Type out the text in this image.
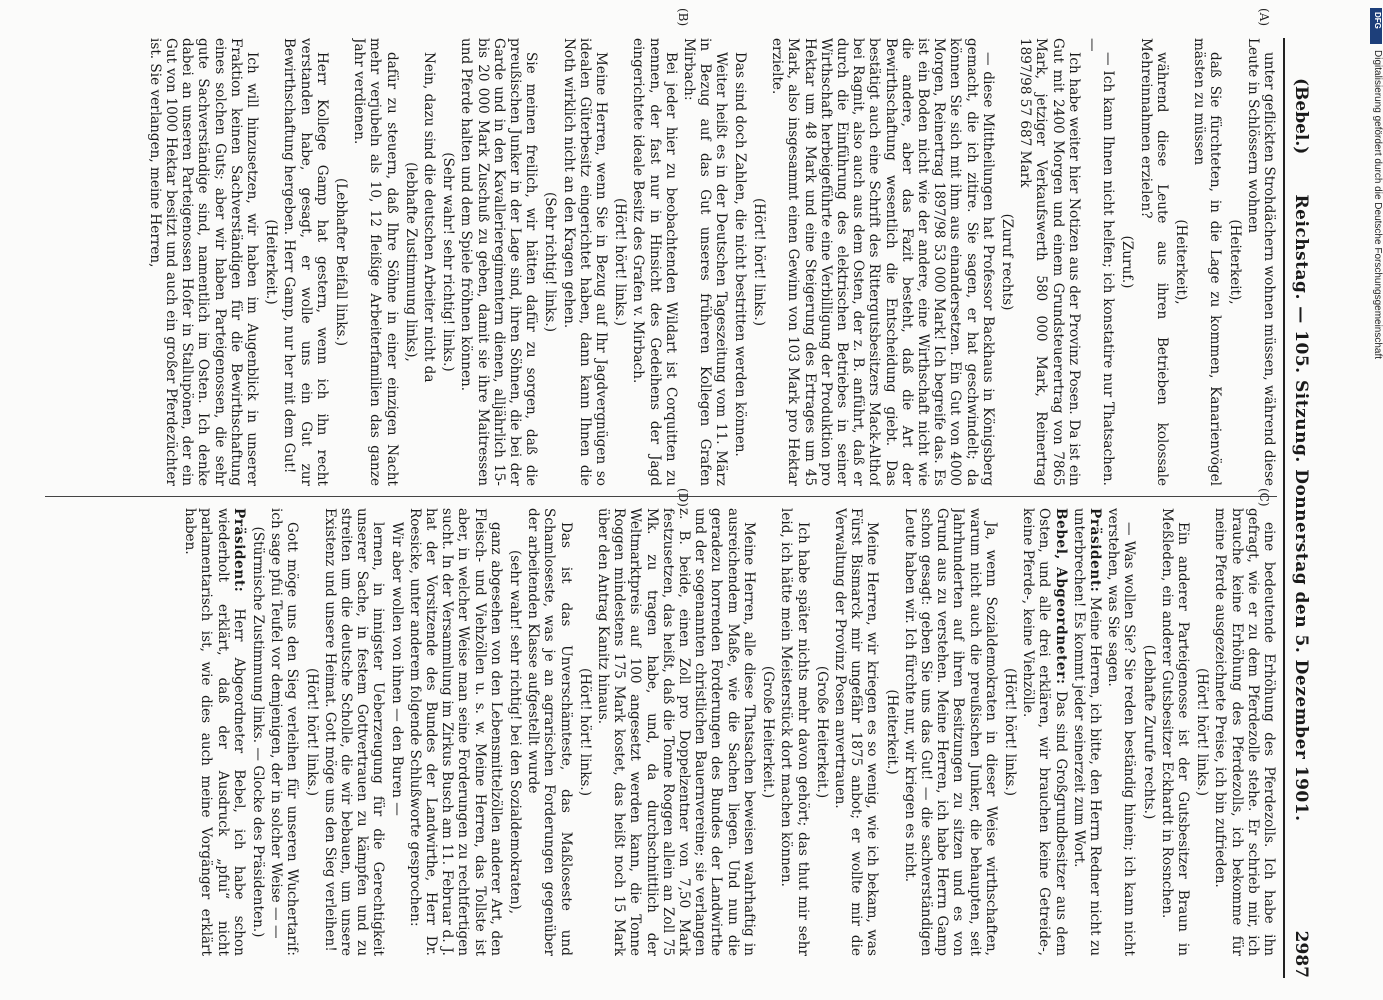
(Bebel.)
Reichstag. — 105. Sitzung. Donnerstag den 5. Dezember 1901.
2987

unter geflickten Strohdächern wohnen müssen, während diese Leute in Schlössern wohnen

(Heiterkeit),

daß Sie fürchteten, in die Lage zu kommen, Kanarienvögel mästen zu müssen

(Heiterkeit),

während diese Leute aus ihren Betrieben kolossale Mehreinnahmen erzielen?

(Zuruf.)

— Ich kann Ihnen nicht helfen; ich konstatire nur Thatsachen. —

Ich habe weiter hier Notizen aus der Provinz Posen. Da ist ein Gut mit 2400 Morgen und einem Grundsteuerertrag von 7865 Mark, jetziger Verkaufswerth 580 000 Mark, Reinertrag 1897/98 57 687 Mark

(Zuruf rechts)

— diese Mittheilungen hat Professor Backhaus in Königsberg gemacht, die ich zitire. Sie sagen, er hat geschwindelt; da können Sie sich mit ihm aus einandersetzen. Ein Gut von 4000 Morgen, Reinertrag 1897/98 53 000 Mark! Ich begreife das. Es ist ein Boden nicht wie der andere, eine Wirthschaft nicht wie die andere, aber das Fazit besteht, daß die Art der Bewirthschaftung wesentlich die Entscheidung giebt. Das bestätigt auch eine Schrift des Rittergutsbesitzers Mack-Althof bei Ragnit, also auch aus dem Osten, der z. B. anführt, daß er durch die Einführung des elektrischen Betriebes in seiner Wirthschaft herbeigeführte eine Verbilligung der Produktion pro Hektar um 48 Mark und eine Steigerung des Ertrages um 45 Mark, also insgesammt einen Gewinn von 103 Mark pro Hektar erzielte.

(Hört! hört! links.)

Das sind doch Zahlen, die nicht bestritten werden können.

Weiter heißt es in der Deutschen Tageszeitung vom 11. März in Bezug auf das Gut unseres früheren Kollegen Grafen Mirbach:

Bei jeder hier zu beobachtenden Wildart ist Corquitten zu nennen, der fast nur in Hinsicht des Gedeihens der Jagd eingerichtete ideale Besitz des Grafen v. Mirbach.

(Hört! hört! links.)

Meine Herren, wenn Sie in Bezug auf Ihr Jagdvergnügen so idealen Güterbesitz eingerichtet haben, dann kann Ihnen die Noth wirklich nicht an den Kragen gehen.

(Sehr richtig! links.)

Sie meinen freilich, wir hätten dafür zu sorgen, daß die preußischen Junker in der Lage sind, ihren Söhnen, die bei der Garde und in den Kavallerieregimentern dienen, alljährlich 15- bis 20 000 Mark Zuschuß zu geben, damit sie ihre Maitressen und Pferde halten und dem Spiele fröhnen können.

(Sehr wahr! sehr richtig! links.)

Nein, dazu sind die deutschen Arbeiter nicht da

(lebhafte Zustimmung links),

dafür zu steuern, daß Ihre Söhne in einer einzigen Nacht mehr verjubeln als 10, 12 fleißige Arbeiterfamilien das ganze Jahr verdienen.

(Lebhafter Beifall links.)

Herr Kollege Gamp hat gestern, wenn ich ihn recht verstanden habe, gesagt, er wolle uns ein Gut zur Bewirthschaftung hergeben. Herr Gamp, nur her mit dem Gut!

(Heiterkeit.)

Ich will hinzusetzen, wir haben im Augenblick in unserer Fraktion keinen Sachverständigen für die Bewirthschaftung eines solchen Guts; aber wir haben Parteigenossen, die sehr gute Sachverständige sind, namentlich im Osten. Ich denke dabei an unseren Parteigenossen Hofer in Stallupönen, der ein Gut von 1000 Hektar besitzt und auch ein großer Pferdezüchter ist. Sie verlangen, meine Herren,

eine bedeutende Erhöhung des Pferdezolls. Ich habe ihn gefragt, wie er zu dem Pferdezolle stehe. Er schrieb mir, ich brauche keine Erhöhung des Pferdezolls, ich bekomme für meine Pferde ausgezeichnete Preise, ich bin zufrieden.

(Hört! hört! links.)

Ein anderer Parteigenosse ist der Gutsbesitzer Braun in Meßleden, ein anderer Gutsbesitzer Eckhardt in Rosnchen.

(Lebhafte Zurufe rechts.)

— Was wollen Sie? Sie reden beständig hinein; ich kann nicht verstehen, was Sie sagen.

Präsident: Meine Herren, ich bitte, den Herrn Redner nicht zu unterbrechen! Es kommt jeder seinerzeit zum Wort.

Bebel, Abgeordneter: Das sind Großgrundbesitzer aus dem Osten, und alle drei erklären, wir brauchen keine Getreide-, keine Pferde-, keine Viehzölle.

(Hört! hört! links.)

Ja, wenn Sozialdemokraten in dieser Weise wirthschaften, warum nicht auch die preußischen Junker, die behaupten, seit Jahrhunderten auf ihren Besitzungen zu sitzen und es von Grund aus zu verstehen. Meine Herren, ich habe Herrn Gamp schon gesagt: geben Sie uns das Gut! — die sachverständigen Leute haben wir. Ich fürchte nur, wir kriegen es nicht.

(Heiterkeit.)

Meine Herren, wir kriegen es so wenig, wie ich bekam, was Fürst Bismarck mir ungefähr 1875 anbot; er wollte mir die Verwaltung der Provinz Posen anvertrauen.

(Große Heiterkeit.)

Ich habe später nichts mehr davon gehört; das thut mir sehr leid, ich hätte mein Meisterstück dort machen können.

(Große Heiterkeit.)

Meine Herren, alle diese Thatsachen beweisen wahrhaftig in ausreichendem Maße, wie die Sachen liegen. Und nun die geradezu horrenden Forderungen des Bundes der Landwirthe und der sogenannten christlichen Bauernvereine; sie verlangen z. B. beide, einen Zoll pro Doppelzentner von 7,50 Mark festzusetzen, das heißt, daß die Tonne Roggen allein an Zoll 75 Mk. zu tragen habe, und, da durchschnittlich der Weltmarktpreis auf 100 angesetzt werden kann, die Tonne Roggen mindestens 175 Mark kostet, das heißt noch 15 Mark über den Antrag Kanitz hinaus.

(Hört! hört! links.)

Das ist das Unverschämteste, das Maßloseste und Schamloseste, was je an agrarischen Forderungen gegenüber der arbeitenden Klasse aufgestellt wurde

(sehr wahr! sehr richtig! bei den Sozialdemokraten),

ganz abgesehen von den Lebensmittelzöllen anderer Art, den Fleisch- und Viehzöllen u. s. w. Meine Herren, das Tollste ist aber, in welcher Weise man seine Forderungen zu rechtfertigen sucht. In der Versammlung im Zirkus Busch am 11. Februar d. J. hat der Vorsitzende des Bundes der Landwirthe, Herr Dr. Roesicke, unter anderem folgende Schlußworte gesprochen:

Wir aber wollen von ihnen — den Buren —

lernen, in innigster Ueberzeugung für die Gerechtigkeit unserer Sache, in festem Gottvertrauen zu kämpfen und zu streiten um die deutsche Scholle, die wir bebauen, um unsere Existenz und unsere Heimat. Gott möge uns den Sieg verleihen!

(Hört! hört! links.)

Gott möge uns den Sieg verleihen für unseren Wuchertarif: ich sage pfui Teufel vor demjenigen, der in solcher Weise — —

(Stürmische Zustimmung links. — Glocke des Präsidenten.)

Präsident: Herr Abgeordneter Bebel, ich habe schon wiederholt erklärt, daß der Ausdruck „pfui“ nicht parlamentarisch ist, wie dies auch meine Vorgänger erklärt haben.

(A)
(B)
(C)
(D)
DFG
Digitalisierung gefördert durch die Deutsche Forschungsgemeinschaft
